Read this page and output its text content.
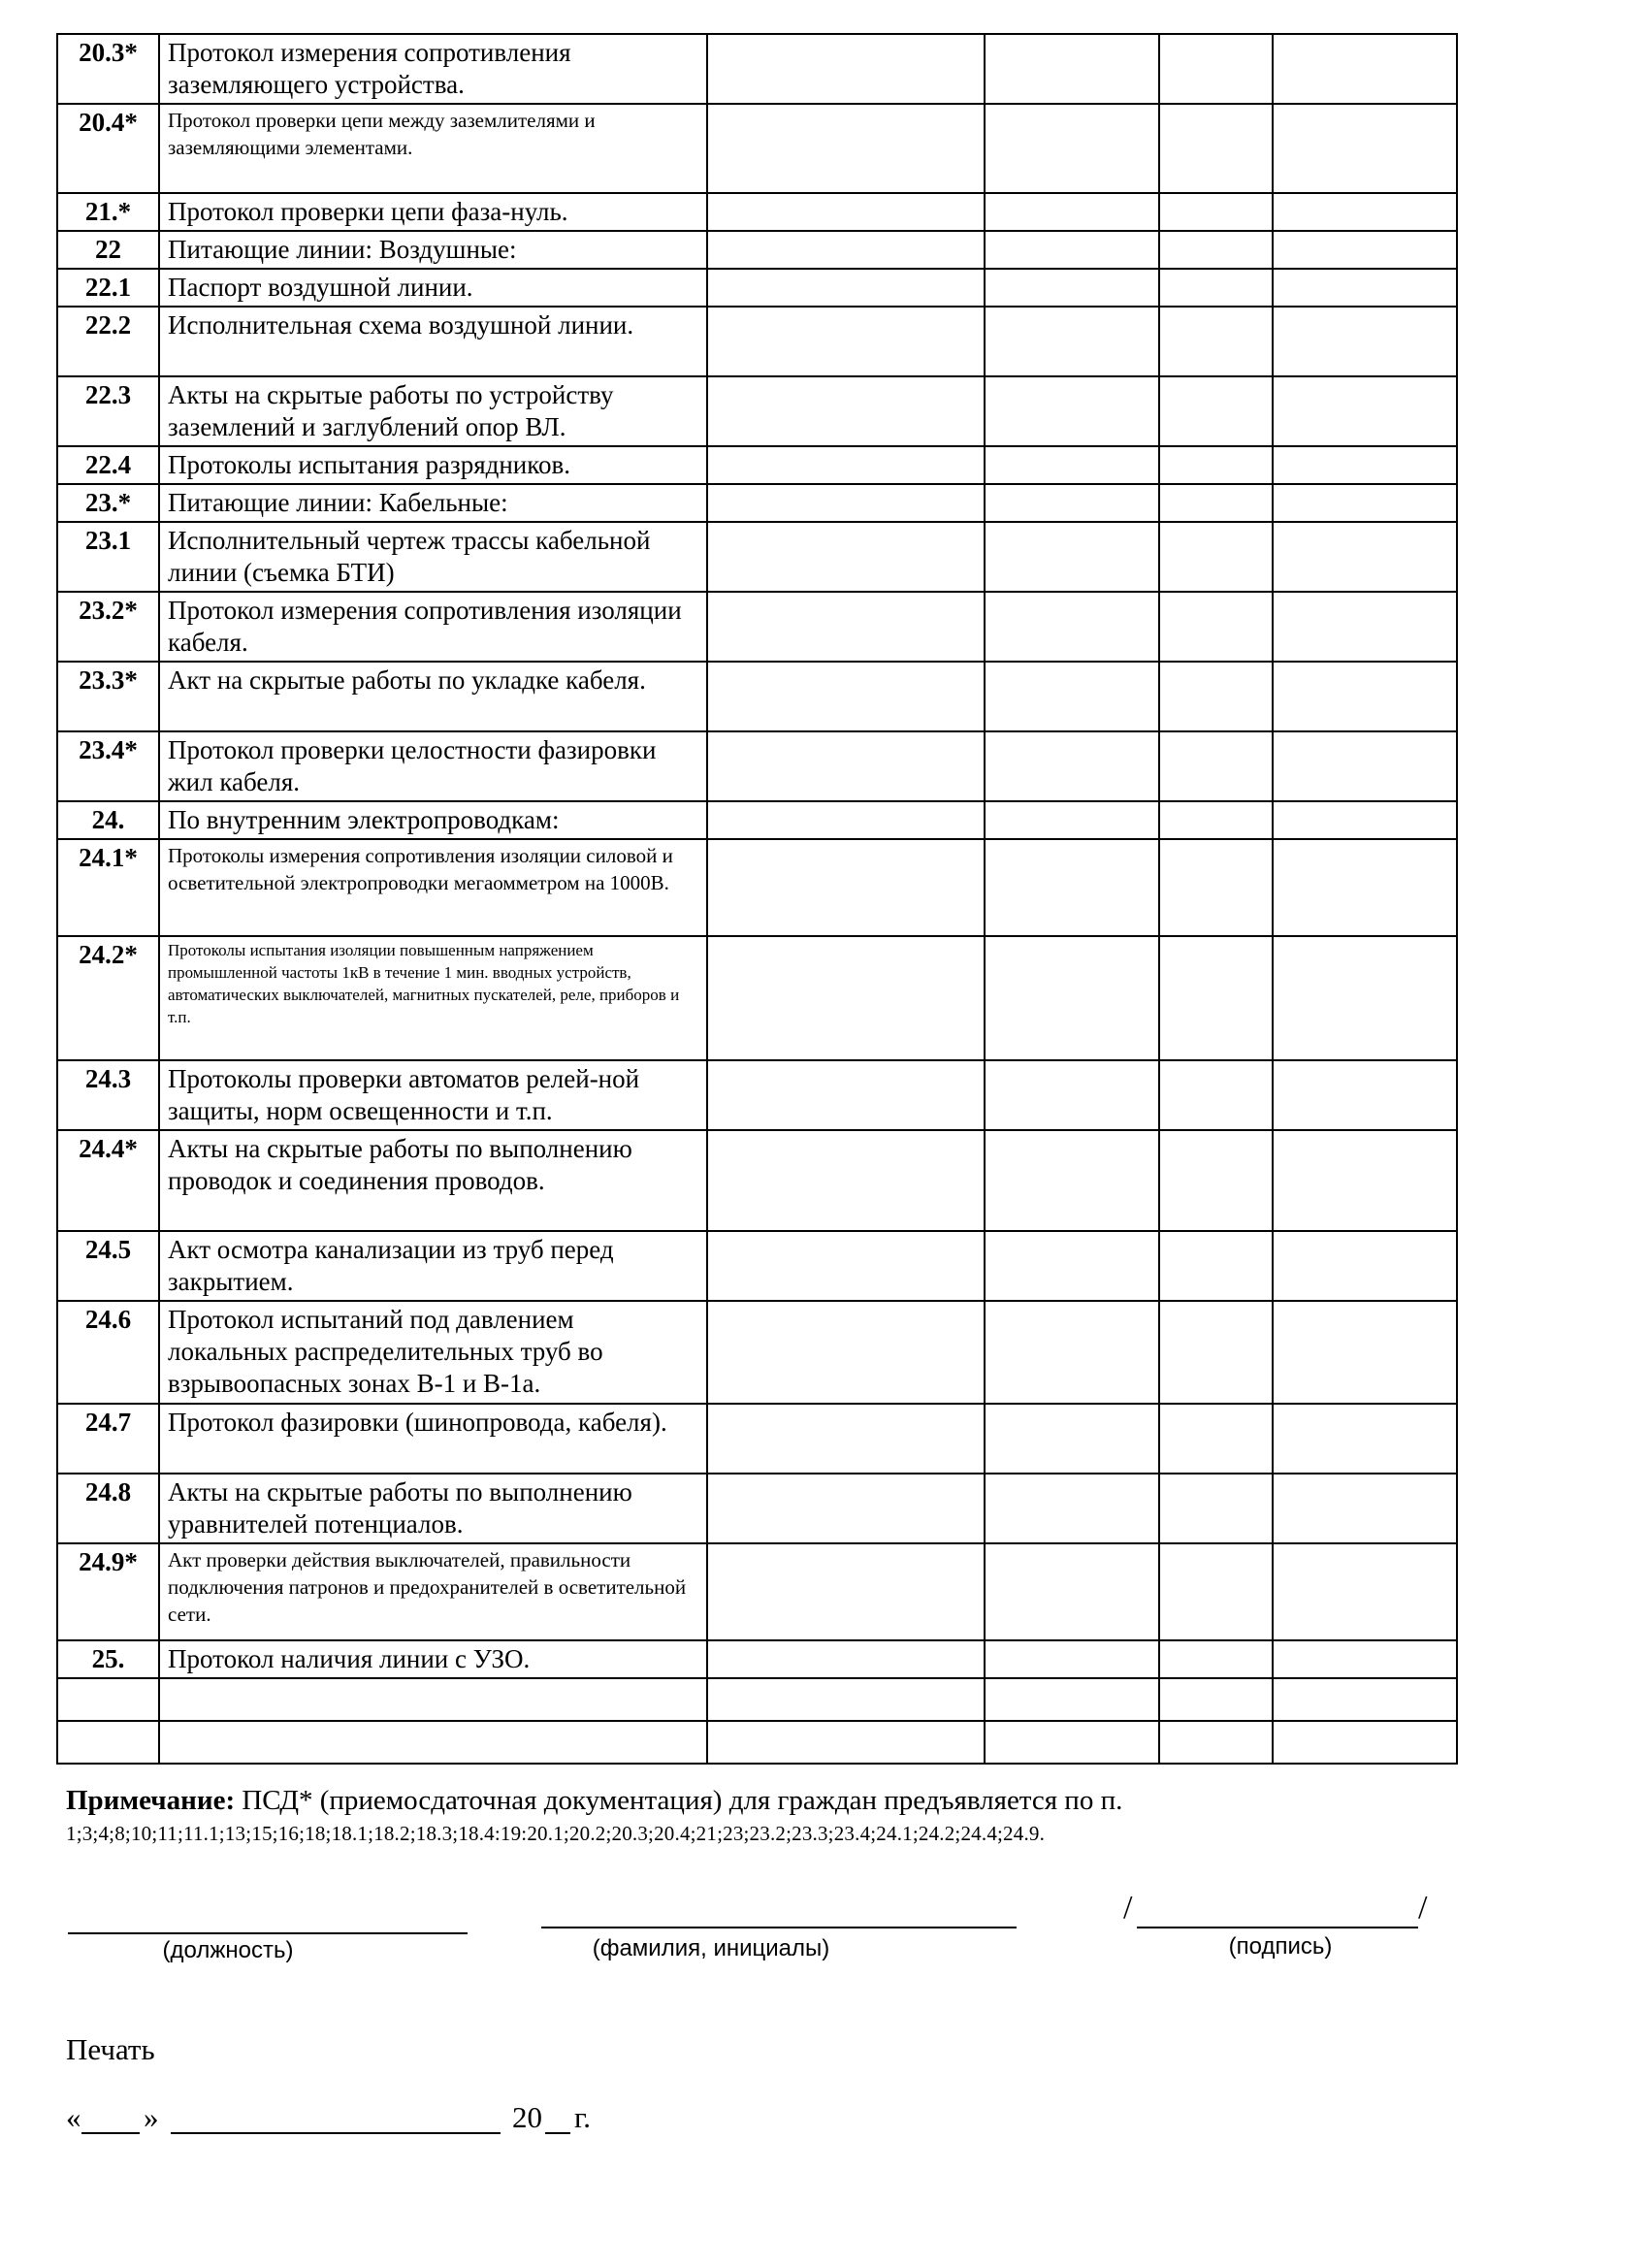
20.3*	Протокол измерения сопротивления заземляющего устройства.				
20.4*	Протокол проверки цепи между заземлителями и заземляющими элементами.				
21.*	Протокол проверки цепи фаза-нуль.				
22	Питающие линии: Воздушные:				
22.1	Паспорт воздушной линии.				
22.2	Исполнительная схема воздушной линии.				
22.3	Акты на скрытые работы по устройству заземлений и заглублений опор ВЛ.				
22.4	Протоколы испытания разрядников.				
23.*	Питающие линии: Кабельные:				
23.1	Исполнительный чертеж трассы кабельной линии (съемка БТИ)				
23.2*	Протокол измерения сопротивления изоляции кабеля.				
23.3*	Акт на скрытые работы по укладке кабеля.				
23.4*	Протокол проверки целостности фазировки жил кабеля.				
24.	По внутренним электропроводкам:				
24.1*	Протоколы измерения сопротивления изоляции силовой и осветительной электропроводки мегаомметром на 1000В.				
24.2*	Протоколы испытания изоляции повышенным напряжением промышленной частоты 1кВ в течение 1 мин. вводных устройств, автоматических выключателей, магнитных пускателей, реле, приборов и т.п.				
24.3	Протоколы проверки автоматов релей-ной защиты, норм освещенности и т.п.				
24.4*	Акты на скрытые работы по выполнению проводок и соединения проводов.				
24.5	Акт осмотра канализации из труб перед закрытием.				
24.6	Протокол испытаний под давлением локальных распределительных труб во взрывоопасных зонах В-1 и В-1а.				
24.7	Протокол фазировки (шинопровода, кабеля).				
24.8	Акты на скрытые работы по выполнению уравнителей потенциалов.				
24.9*	Акт проверки действия выключателей, правильности подключения патронов и предохранителей в осветительной сети.				
25.	Протокол наличия линии с УЗО.				

Примечание: ПСД* (приемосдаточная документация) для граждан предъявляется по п.
1;3;4;8;10;11;11.1;13;15;16;18;18.1;18.2;18.3;18.4:19:20.1;20.2;20.3;20.4;21;23;23.2;23.3;23.4;24.1;24.2;24.4;24.9.
(должность)	(фамилия, инициалы)
/	/
(подпись)
Печать
« »	20 г.
